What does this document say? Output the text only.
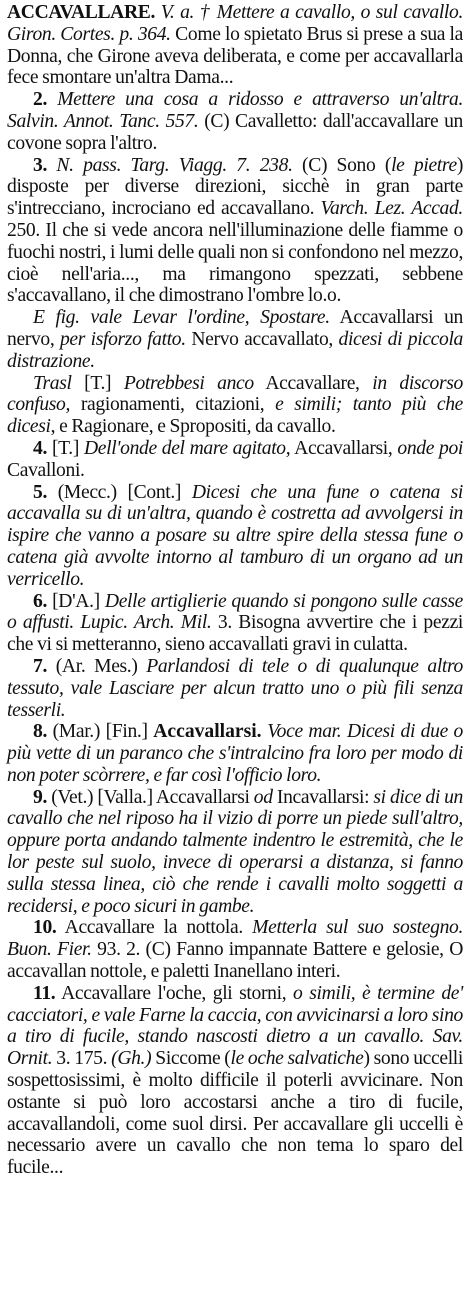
ACCAVALLARE. V. a. † Mettere a cavallo, o sul cavallo. Giron. Cortes. p. 364. Come lo spietato Brus si prese a sua la Donna, che Girone aveva deliberata, e come per accavallarla fece smontare un'altra Dama...

2. Mettere una cosa a ridosso e attraverso un'altra. Salvin. Annot. Tanc. 557. (C) Cavalletto: dall'accavallare un covone sopra l'altro.

3. N. pass. Targ. Viagg. 7. 238. (C) Sono (le pietre) disposte per diverse direzioni, sicchè in gran parte s'intrecciano, incrociano ed accavallano. Varch. Lez. Accad. 250. Il che si vede ancora nell'illuminazione delle fiamme o fuochi nostri, i lumi delle quali non si confondono nel mezzo, cioè nell'aria..., ma rimangono spezzati, sebbene s'accavallano, il che dimostrano l'ombre lo.o.

E fig. vale Levar l'ordine, Spostare. Accavallarsi un nervo, per isforzo fatto. Nervo accavallato, dicesi di piccola distrazione.

Trasl [T.] Potrebbesi anco Accavallare, in discorso confuso, ragionamenti, citazioni, e simili; tanto più che dicesi, e Ragionare, e Spropositi, da cavallo.

4. [T.] Dell'onde del mare agitato, Accavallarsi, onde poi Cavalloni.

5. (Mecc.) [Cont.] Dicesi che una fune o catena si accavalla su di un'altra, quando è costretta ad avvolgersi in ispire che vanno a posare su altre spire della stessa fune o catena già avvolte intorno al tamburo di un organo ad un verricello.

6. [D'A.] Delle artiglierie quando si pongono sulle casse o affusti. Lupic. Arch. Mil. 3. Bisogna avvertire che i pezzi che vi si metteranno, sieno accavallati gravi in culatta.

7. (Ar. Mes.) Parlandosi di tele o di qualunque altro tessuto, vale Lasciare per alcun tratto uno o più fili senza tesserli.

8. (Mar.) [Fin.] Accavallarsi. Voce mar. Dicesi di due o più vette di un paranco che s'intralcino fra loro per modo di non poter scòrrere, e far così l'officio loro.

9. (Vet.) [Valla.] Accavallarsi od Incavallarsi: si dice di un cavallo che nel riposo ha il vizio di porre un piede sull'altro, oppure porta andando talmente indentro le estremità, che le lor peste sul suolo, invece di operarsi a distanza, si fanno sulla stessa linea, ciò che rende i cavalli molto soggetti a recidersi, e poco sicuri in gambe.

10. Accavallare la nottola. Metterla sul suo sostegno. Buon. Fier. 93. 2. (C) Fanno impannate Battere e gelosie, O accavallan nottole, e paletti Inanellano interi.

11. Accavallare l'oche, gli storni, o simili, è termine de' cacciatori, e vale Farne la caccia, con avvicinarsi a loro sino a tiro di fucile, stando nascosti dietro a un cavallo. Sav. Ornit. 3. 175. (Gh.) Siccome (le oche salvatiche) sono uccelli sospettosissimi, è molto difficile il poterli avvicinare. Non ostante si può loro accostarsi anche a tiro di fucile, accavallandoli, come suol dirsi. Per accavallare gli uccelli è necessario avere un cavallo che non tema lo sparo del fucile...
